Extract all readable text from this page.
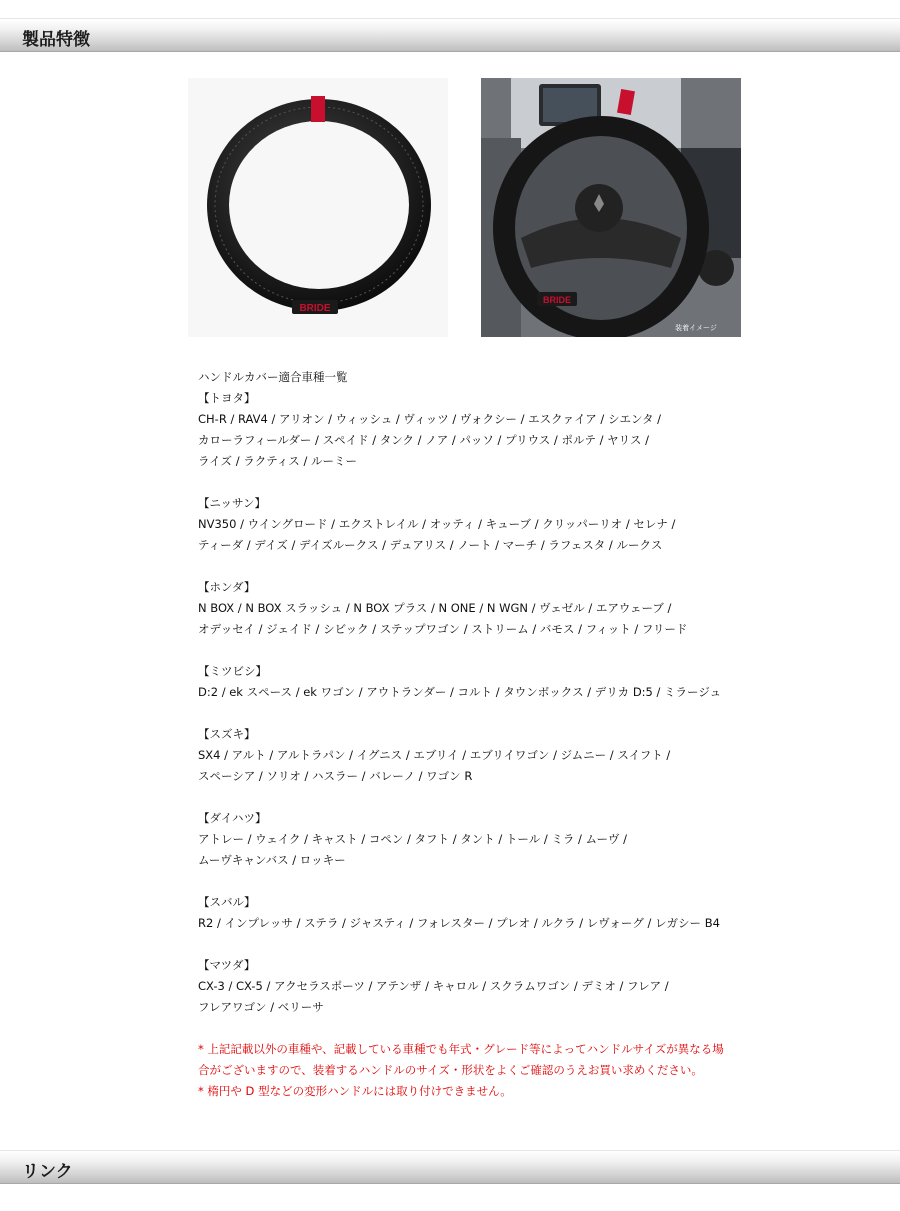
製品特徴
BRIDE
BRIDE
装着イメージ
ハンドルカバー適合車種一覧
【トヨタ】
CH-R / RAV4 / アリオン / ウィッシュ / ヴィッツ / ヴォクシー / エスクァイア / シエンタ /
カローラフィールダー / スペイド / タンク / ノア / パッソ / プリウス / ポルテ / ヤリス /
ライズ / ラクティス / ルーミー
【ニッサン】
NV350 / ウイングロード / エクストレイル / オッティ / キューブ / クリッパーリオ / セレナ /
ティーダ / デイズ / デイズルークス / デュアリス / ノート / マーチ / ラフェスタ / ルークス
【ホンダ】
N BOX / N BOX スラッシュ / N BOX プラス / N ONE / N WGN / ヴェゼル / エアウェーブ /
オデッセイ / ジェイド / シビック / ステップワゴン / ストリーム / バモス / フィット / フリード
【ミツビシ】
D:2 / ek スペース / ek ワゴン / アウトランダー / コルト / タウンボックス / デリカ D:5 / ミラージュ
【スズキ】
SX4 / アルト / アルトラパン / イグニス / エブリイ / エブリイワゴン / ジムニー / スイフト /
スペーシア / ソリオ / ハスラー / バレーノ / ワゴン R
【ダイハツ】
アトレー / ウェイク / キャスト / コペン / タフト / タント / トール / ミラ / ムーヴ /
ムーヴキャンバス / ロッキー
【スバル】
R2 / インプレッサ / ステラ / ジャスティ / フォレスター / プレオ / ルクラ / レヴォーグ / レガシー B4
【マツダ】
CX-3 / CX-5 / アクセラスポーツ / アテンザ / キャロル / スクラムワゴン / デミオ / フレア /
フレアワゴン / ベリーサ
* 上記記載以外の車種や、記載している車種でも年式・グレード等によってハンドルサイズが異なる場
合がございますので、装着するハンドルのサイズ・形状をよくご確認のうえお買い求めください。
* 楕円や D 型などの変形ハンドルには取り付けできません。
リンク
